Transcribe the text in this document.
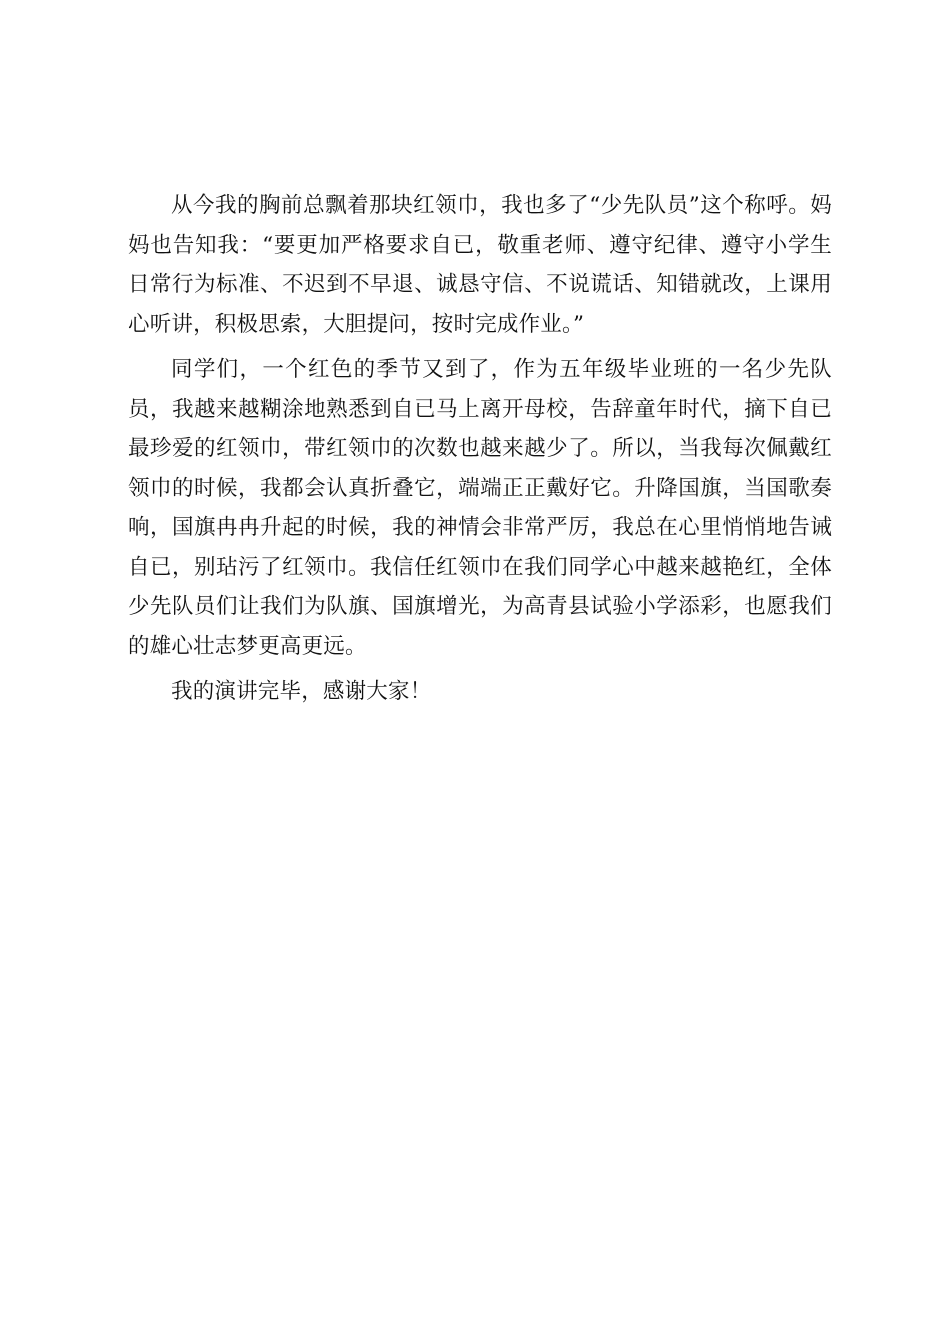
从今我的胸前总飘着那块红领巾，我也多了“少先队员”这个称呼。妈妈也告知我：“要更加严格要求自已，敬重老师、遵守纪律、遵守小学生日常行为标准、不迟到不早退、诚恳守信、不说谎话、知错就改，上课用心听讲，积极思索，大胆提问，按时完成作业。”

同学们，一个红色的季节又到了，作为五年级毕业班的一名少先队员，我越来越糊涂地熟悉到自已马上离开母校，告辞童年时代，摘下自已最珍爱的红领巾，带红领巾的次数也越来越少了。所以，当我每次佩戴红领巾的时候，我都会认真折叠它，端端正正戴好它。升降国旗，当国歌奏响，国旗冉冉升起的时候，我的神情会非常严厉，我总在心里悄悄地告诫自已，别玷污了红领巾。我信任红领巾在我们同学心中越来越艳红，全体少先队员们让我们为队旗、国旗增光，为高青县试验小学添彩，也愿我们的雄心壮志梦更高更远。

我的演讲完毕，感谢大家！
